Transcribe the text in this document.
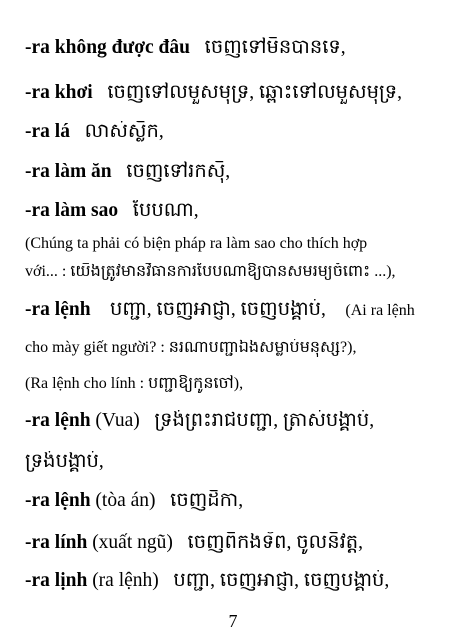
-ra không được đâu ចេញទៅមិនបានទេ,
-ra khơi ចេញទៅលមួសមុទ្រ, ឆ្ពោះទៅលមួសមុទ្រ,
-ra lá លាស់ស្លឹក,
-ra làm ăn ចេញទៅរកស៊ី,
-ra làm sao បែបណា,
(Chúng ta phải có biện pháp ra làm sao cho thích hợp
với... : យើងត្រូវមានវិធានការបែបណាឱ្យបានសមរម្យចំពោះ ...),
-ra lệnh បញ្ជា, ចេញអាជ្ញា, ចេញបង្គាប់, (Ai ra lệnh
cho mày giết người? : នរណាបញ្ជាឯងសម្លាប់មនុស្ស?),
(Ra lệnh cho lính : បញ្ជាឱ្យកូនចៅ),
-ra lệnh (Vua) ទ្រង់ព្រះរាជបញ្ជា, ត្រាស់បង្គាប់,
ទ្រង់បង្គាប់,
-ra lệnh (tòa án) ចេញដីកា,
-ra lính (xuất ngũ) ចេញពីកងទ័ព, ចូលនិវត្ត,
-ra lịnh (ra lệnh) បញ្ជា, ចេញអាជ្ញា, ចេញបង្គាប់,
7
